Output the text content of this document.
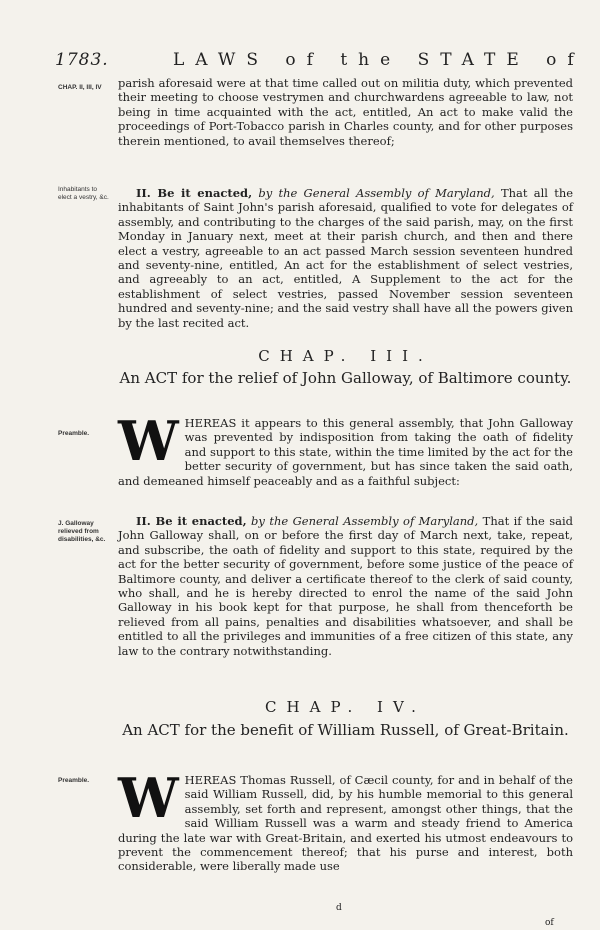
1783.	LAWS of the STATE of
CHAP. II, III, IV
Inhabitants to elect a vestry, &c.
Preamble.
J. Galloway relieved from disabilities, &c.
Preamble.

parish aforesaid were at that time called out on militia duty, which prevented their meeting to choose vestrymen and churchwardens agreeable to law, not being in time acquainted with the act, entitled, An act to make valid the proceedings of Port-Tobacco parish in Charles county, and for other purposes therein mentioned, to avail themselves thereof;

II. Be it enacted, by the General Assembly of Maryland, That all the inhabitants of Saint John's parish aforesaid, qualified to vote for delegates of assembly, and contributing to the charges of the said parish, may, on the first Monday in January next, meet at their parish church, and then and there elect a vestry, agreeable to an act passed March session seventeen hundred and seventy-nine, entitled, An act for the establishment of select vestries, and agreeably to an act, entitled, A Supplement to the act for the establishment of select vestries, passed November session seventeen hundred and seventy-nine; and the said vestry shall have all the powers given by the last recited act.

CHAP. III.
An ACT for the relief of John Galloway, of Baltimore county.
W HEREAS it appears to this general assembly, that John Galloway was prevented by indisposition from taking the oath of fidelity and support to this state, within the time limited by the act for the better security of government, but has since taken the said oath, and demeaned himself peaceably and as a faithful subject:

II. Be it enacted, by the General Assembly of Maryland, That if the said John Galloway shall, on or before the first day of March next, take, repeat, and subscribe, the oath of fidelity and support to this state, required by the act for the better security of government, before some justice of the peace of Baltimore county, and deliver a certificate thereof to the clerk of said county, who shall, and he is hereby directed to enrol the name of the said John Galloway in his book kept for that purpose, he shall from thenceforth be relieved from all pains, penalties and disabilities whatsoever, and shall be entitled to all the privileges and immunities of a free citizen of this state, any law to the contrary notwithstanding.

CHAP. IV.
An ACT for the benefit of William Russell, of Great-Britain.
W HEREAS Thomas Russell, of Cæcil county, for and in behalf of the said William Russell, did, by his humble memorial to this general assembly, set forth and represent, amongst other things, that the said William Russell was a warm and steady friend to America during the late war with Great-Britain, and exerted his utmost endeavours to prevent the commencement thereof; that his purse and interest, both considerable, were liberally made use

d
of
